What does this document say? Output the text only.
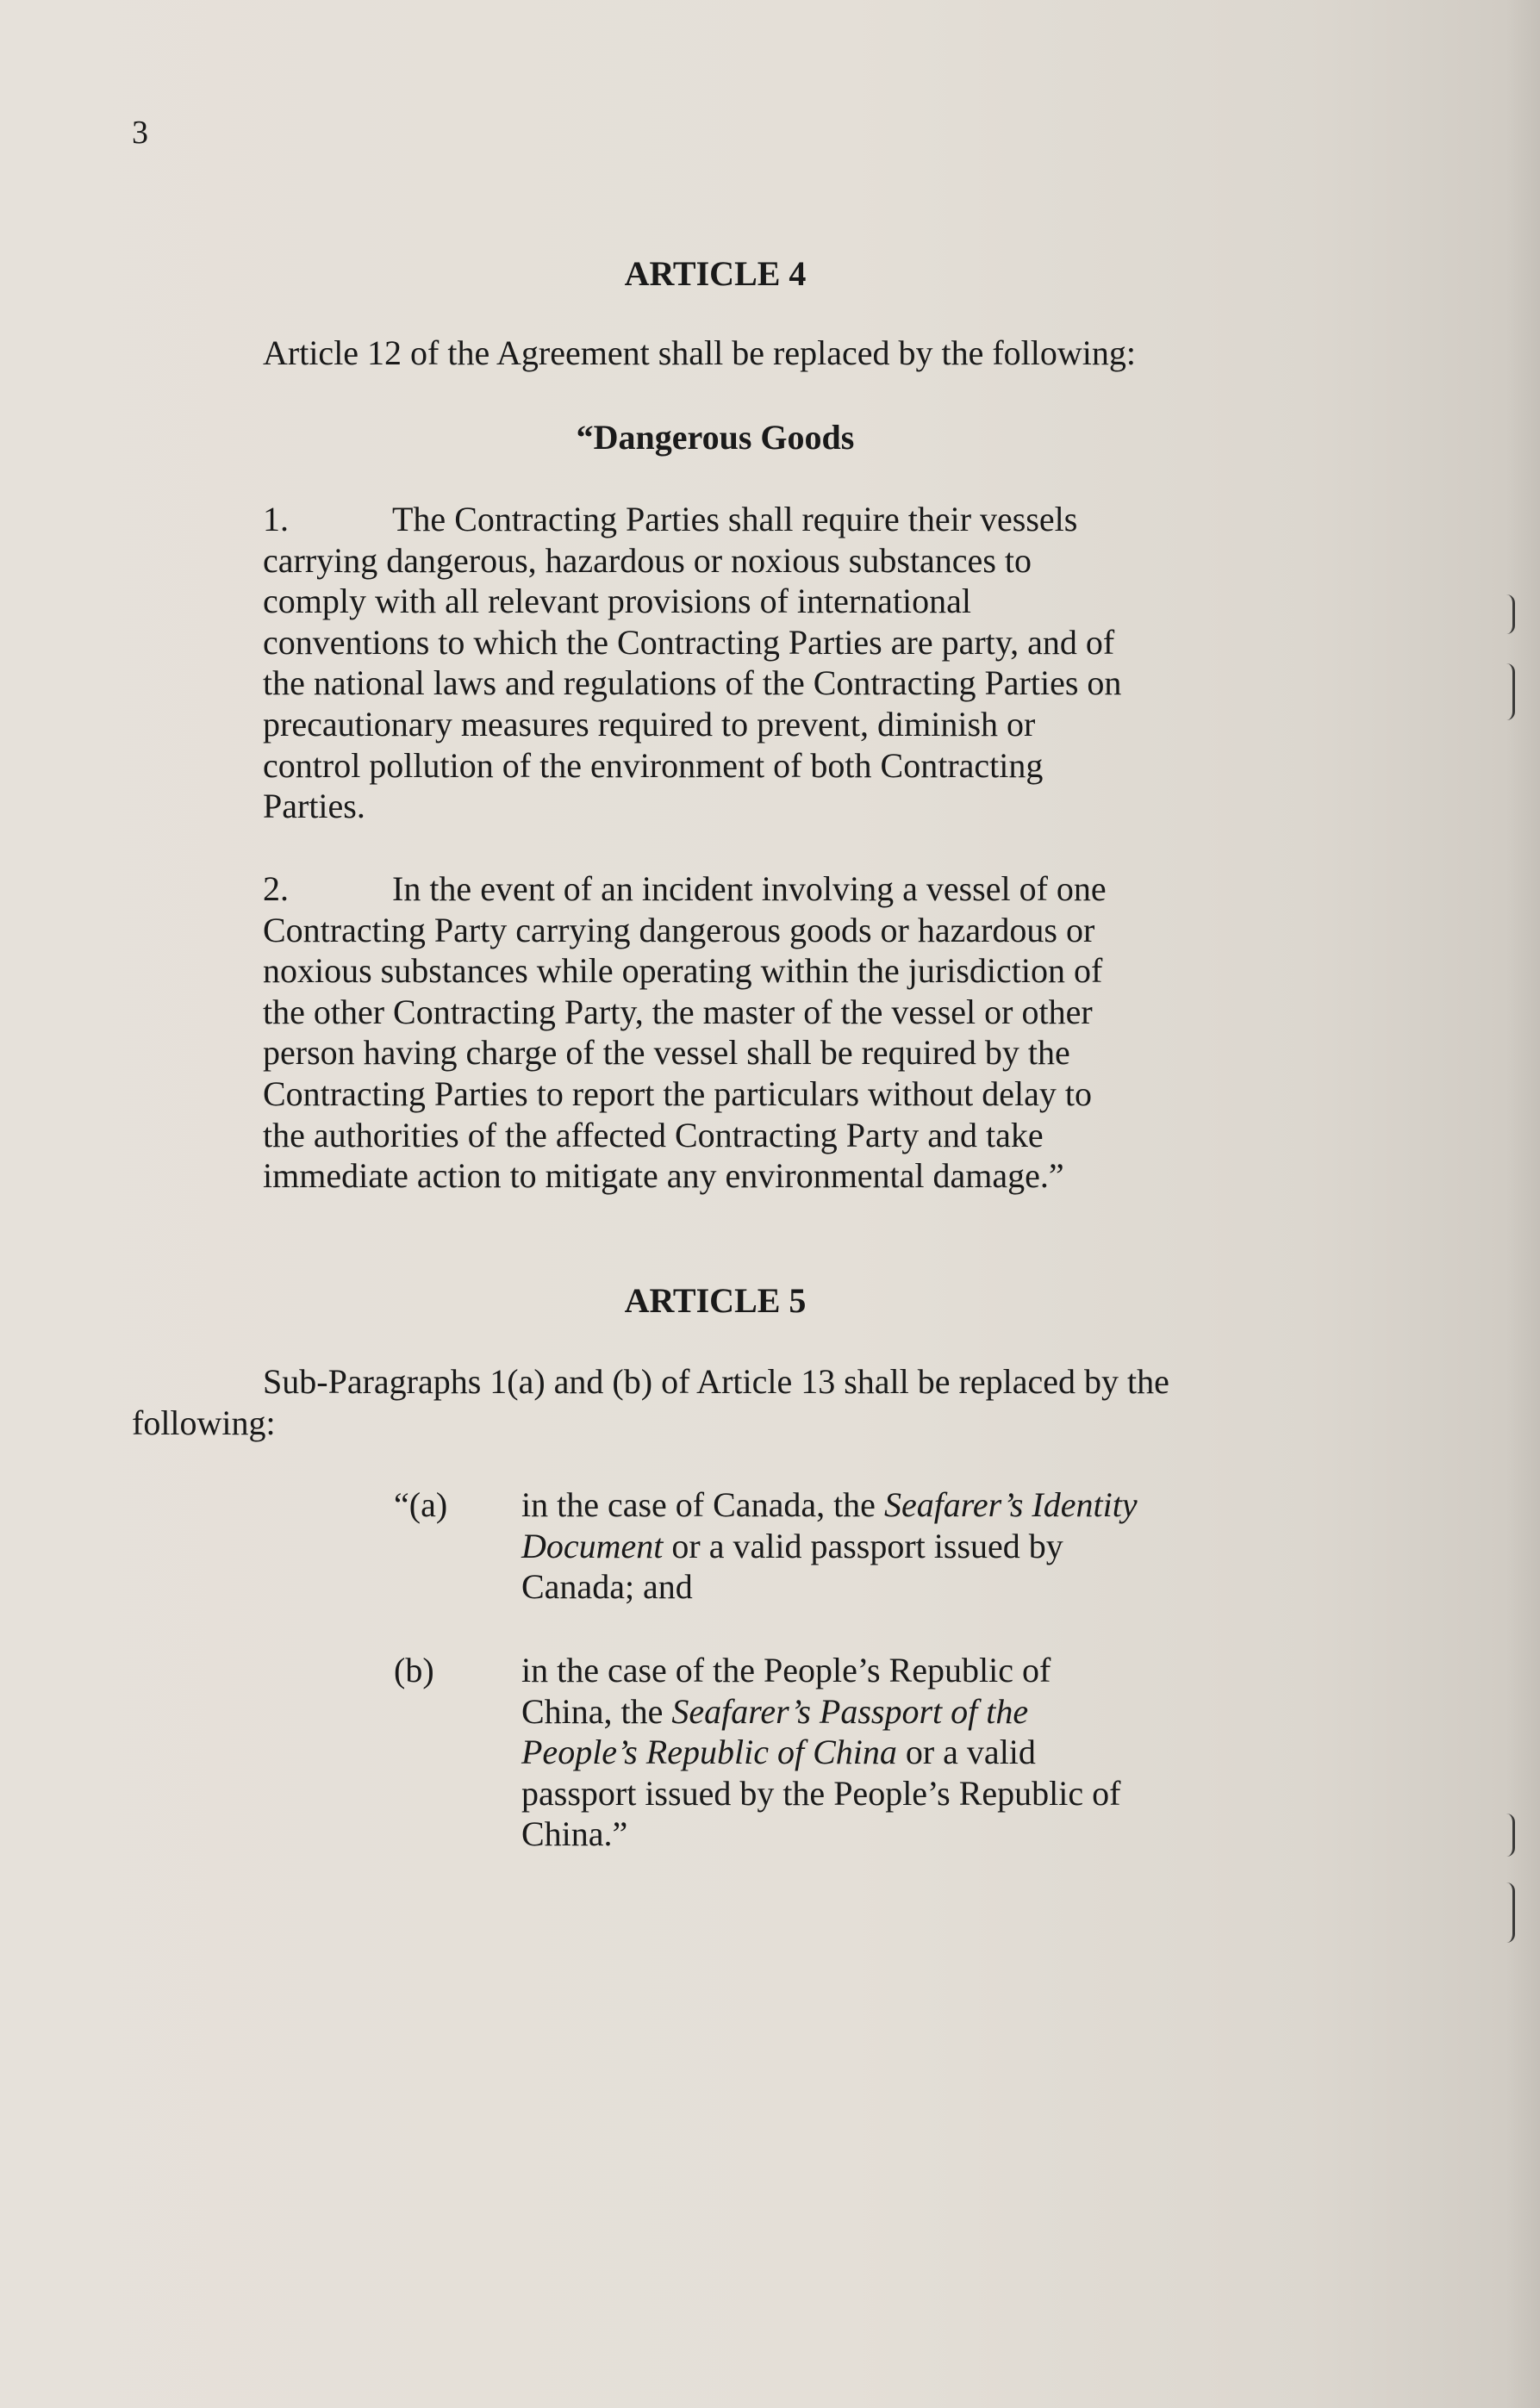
3
ARTICLE 4
Article 12 of the Agreement shall be replaced by the following:
“Dangerous Goods
1.	The Contracting Parties shall require their vessels
carrying dangerous, hazardous or noxious substances to
comply with all relevant provisions of international
conventions to which the Contracting Parties are party, and of
the national laws and regulations of the Contracting Parties on
precautionary measures required to prevent, diminish or
control pollution of the environment of both Contracting
Parties.
2.	In the event of an incident involving a vessel of one
Contracting Party carrying dangerous goods or hazardous or
noxious substances while operating within the jurisdiction of
the other Contracting Party, the master of the vessel or other
person having charge of the vessel shall be required by the
Contracting Parties to report the particulars without delay to
the authorities of the affected Contracting Party and take
immediate action to mitigate any environmental damage.”
ARTICLE 5
Sub-Paragraphs 1(a) and (b) of Article 13 shall be replaced by the
following:
“(a) in the case of Canada, the Seafarer’s Identity
Document or a valid passport issued by
Canada; and
(b)	in the case of the People’s Republic of
China, the Seafarer’s Passport of the
People’s Republic of China or a valid
passport issued by the People’s Republic of
China.”
